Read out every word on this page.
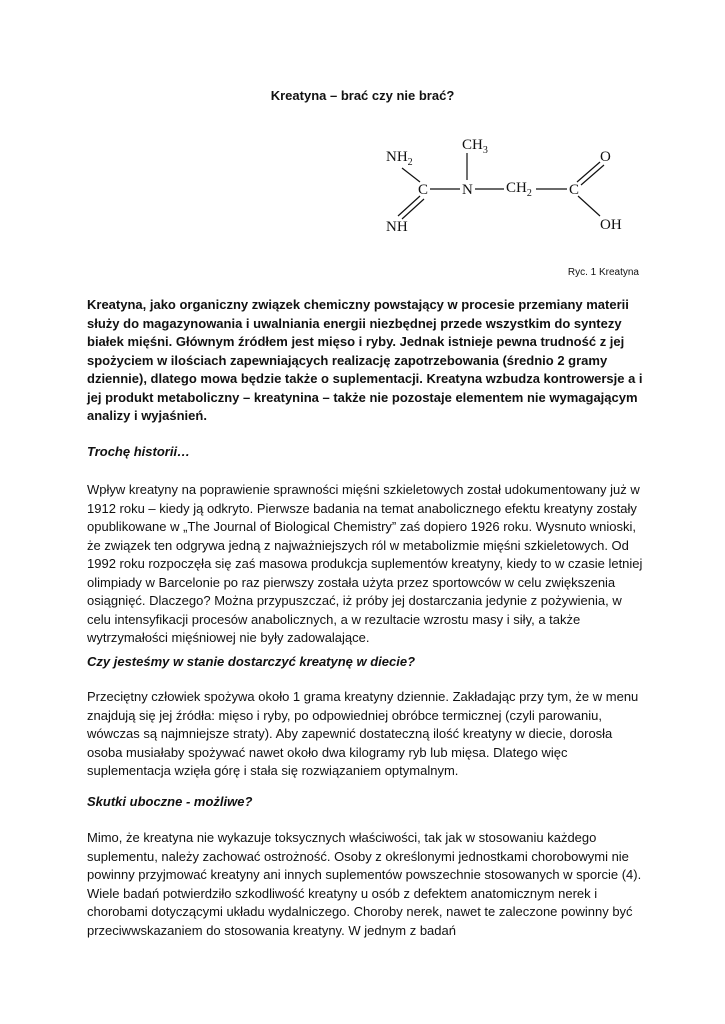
Kreatyna – brać czy nie brać?
$NH_2$
$CH_3$
C N $CH_2$ C
O
OH
NH
Ryc. 1 Kreatyna
Kreatyna, jako organiczny związek chemiczny powstający w procesie przemiany materii służy do magazynowania i uwalniania energii niezbędnej przede wszystkim do syntezy białek mięśni. Głównym źródłem jest mięso i ryby. Jednak istnieje pewna trudność z jej spożyciem w ilościach zapewniających realizację zapotrzebowania (średnio 2 gramy dziennie), dlatego mowa będzie także o suplementacji. Kreatyna wzbudza kontrowersje a i jej produkt metaboliczny – kreatynina – także nie pozostaje elementem nie wymagającym analizy i wyjaśnień.
Trochę historii…
Wpływ kreatyny na poprawienie sprawności mięśni szkieletowych został udokumentowany już w 1912 roku – kiedy ją odkryto. Pierwsze badania na temat anabolicznego efektu kreatyny zostały opublikowane w „The Journal of Biological Chemistry” zaś dopiero 1926 roku. Wysnuto wnioski, że związek ten odgrywa jedną z najważniejszych ról w metabolizmie mięśni szkieletowych. Od 1992 roku rozpoczęła się zaś masowa produkcja suplementów kreatyny, kiedy to w czasie letniej olimpiady w Barcelonie po raz pierwszy została użyta przez sportowców w celu zwiększenia osiągnięć. Dlaczego? Można przypuszczać, iż próby jej dostarczania jedynie z pożywienia, w celu intensyfikacji procesów anabolicznych, a w rezultacie wzrostu masy i siły, a także wytrzymałości mięśniowej nie były zadowalające.
Czy jesteśmy w stanie dostarczyć kreatynę w diecie?
Przeciętny człowiek spożywa około 1 grama kreatyny dziennie. Zakładając przy tym, że w menu znajdują się jej źródła: mięso i ryby, po odpowiedniej obróbce termicznej (czyli parowaniu, wówczas są najmniejsze straty). Aby zapewnić dostateczną ilość kreatyny w diecie, dorosła osoba musiałaby spożywać nawet około dwa kilogramy ryb lub mięsa. Dlatego więc suplementacja wzięła górę i stała się rozwiązaniem optymalnym.
Skutki uboczne - możliwe?
Mimo, że kreatyna nie wykazuje toksycznych właściwości, tak jak w stosowaniu każdego suplementu, należy zachować ostrożność. Osoby z określonymi jednostkami chorobowymi nie powinny przyjmować kreatyny ani innych suplementów powszechnie stosowanych w sporcie (4). Wiele badań potwierdziło szkodliwość kreatyny u osób z defektem anatomicznym nerek i chorobami dotyczącymi układu wydalniczego. Choroby nerek, nawet te zaleczone powinny być przeciwwskazaniem do stosowania kreatyny. W jednym z badań
